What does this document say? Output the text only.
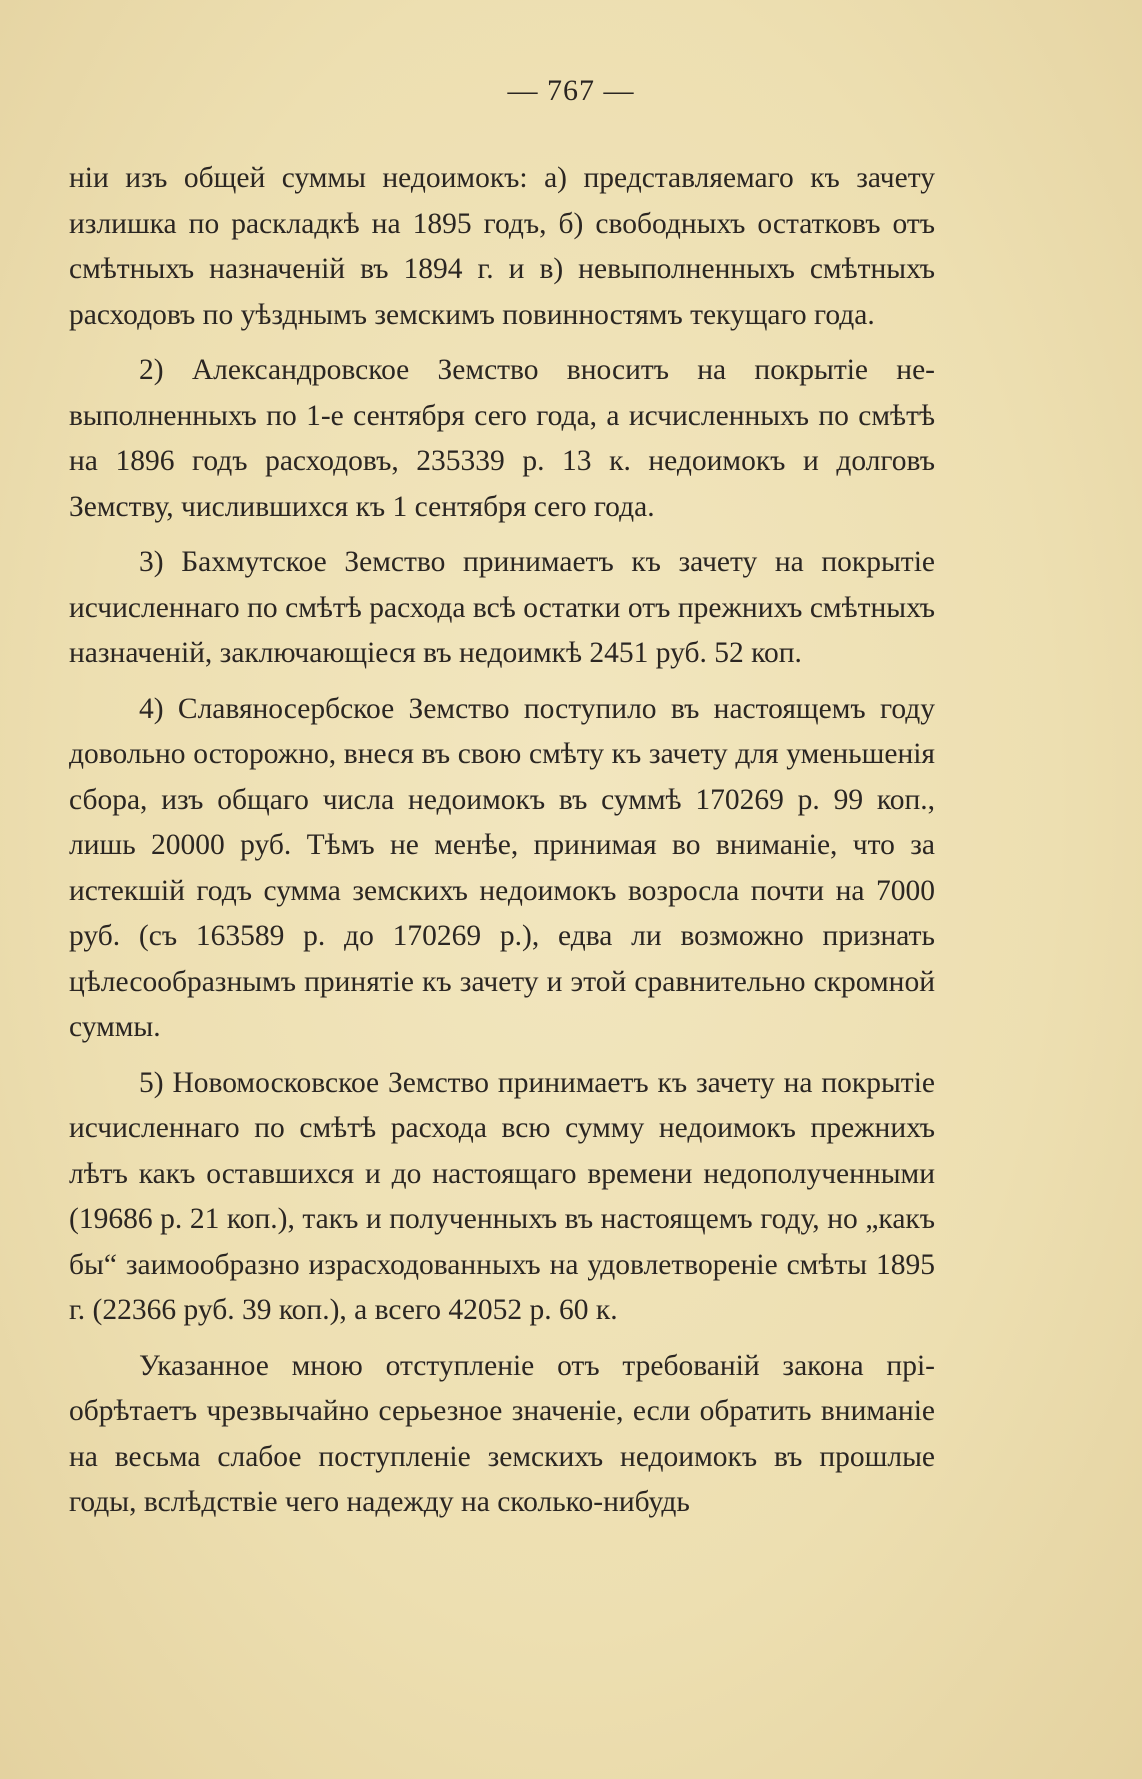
— 767 —

нiи изъ общей суммы недоимокъ: а) представляемаго къ зачету излишка по раскладкѣ на 1895 годъ, б) свободныхъ остатковъ отъ смѣтныхъ назначенiй въ 1894 г. и в) невыполненныхъ смѣтныхъ расходовъ по уѣзднымъ земскимъ повинностямъ текущаго года.

2) Александровское Земство вноситъ на покрытiе невыполненныхъ по 1-е сентября сего года, а исчисленныхъ по смѣтѣ на 1896 годъ расходовъ, 235339 р. 13 к. недоимокъ и долговъ Земству, числившихся къ 1 сентября сего года.

3) Бахмутское Земство принимаетъ къ зачету на покрытiе исчисленнаго по смѣтѣ расхода всѣ остатки отъ прежнихъ смѣтныхъ назначенiй, заключающiеся въ недоимкѣ 2451 руб. 52 коп.

4) Славяносербское Земство поступило въ настоящемъ году довольно осторожно, внеся въ свою смѣту къ зачету для уменьшенiя сбора, изъ общаго числа недоимокъ въ суммѣ 170269 р. 99 коп., лишь 20000 руб. Тѣмъ не менѣе, принимая во вниманiе, что за истекшiй годъ сумма земскихъ недоимокъ возросла почти на 7000 руб. (съ 163589 р. до 170269 р.), едва ли возможно признать цѣлесообразнымъ принятiе къ зачету и этой сравнительно скромной суммы.

5) Новомосковское Земство принимаетъ къ зачету на покрытiе исчисленнаго по смѣтѣ расхода всю сумму недоимокъ прежнихъ лѣтъ какъ оставшихся и до настоящаго времени недополученными (19686 р. 21 коп.), такъ и полученныхъ въ настоящемъ году, но „какъ бы“ заимообразно израсходованныхъ на удовлетворенiе смѣты 1895 г. (22366 руб. 39 коп.), а всего 42052 р. 60 к.

Указанное мною отступленiе отъ требованiй закона прiобрѣтаетъ чрезвычайно серьезное значенiе, если обратить вниманiе на весьма слабое поступленiе земскихъ недоимокъ въ прошлые годы, вслѣдствiе чего надежду на сколько-нибудь
